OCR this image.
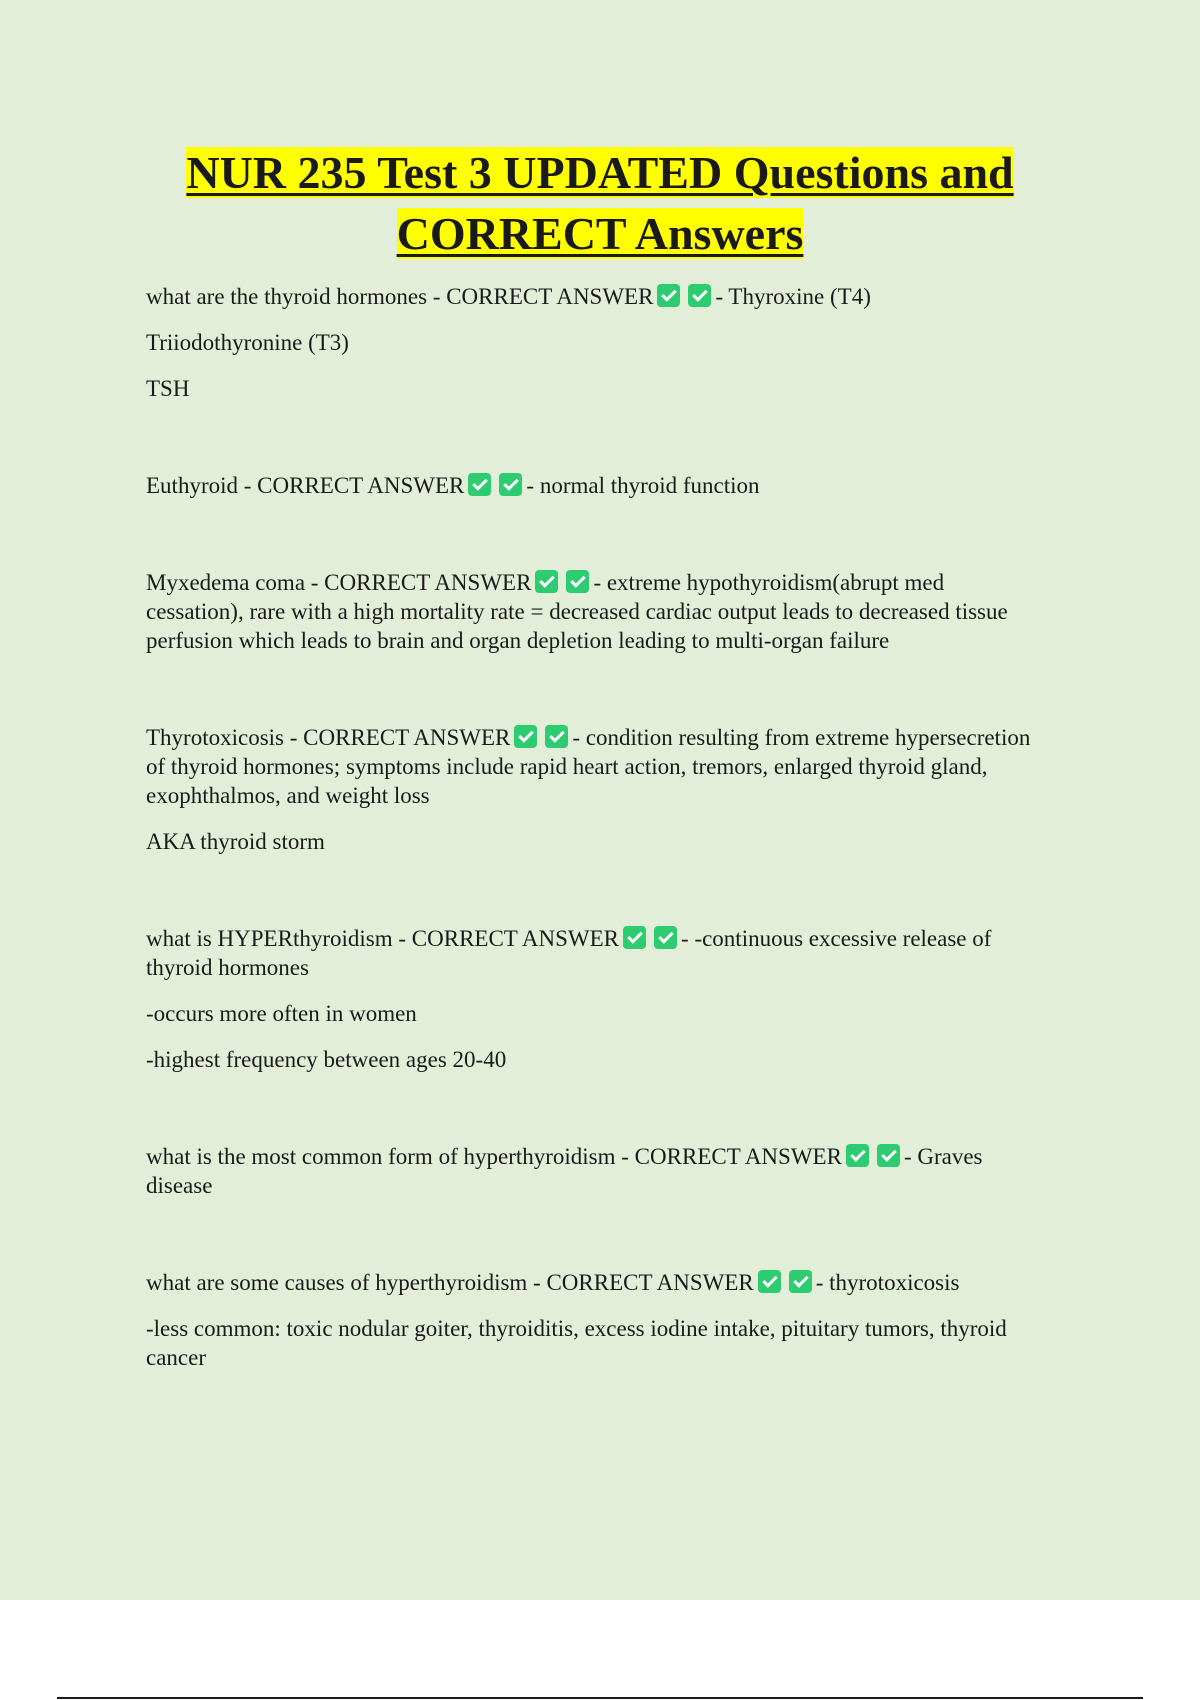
NUR 235 Test 3 UPDATED Questions and
CORRECT Answers

what are the thyroid hormones - CORRECT ANSWER	- Thyroxine (T4)

Triiodothyronine (T3)

TSH

Euthyroid - CORRECT ANSWER	- normal thyroid function

Myxedema coma - CORRECT ANSWER	- extreme hypothyroidism(abrupt med

cessation), rare with a high mortality rate = decreased cardiac output leads to decreased tissue

perfusion which leads to brain and organ depletion leading to multi-organ failure

Thyrotoxicosis - CORRECT ANSWER	- condition resulting from extreme hypersecretion

of thyroid hormones; symptoms include rapid heart action, tremors, enlarged thyroid gland,

exophthalmos, and weight loss

AKA thyroid storm

what is HYPERthyroidism - CORRECT ANSWER	- -continuous excessive release of

thyroid hormones

-occurs more often in women

-highest frequency between ages 20-40

what is the most common form of hyperthyroidism - CORRECT ANSWER	- Graves

disease

what are some causes of hyperthyroidism - CORRECT ANSWER	- thyrotoxicosis

-less common: toxic nodular goiter, thyroiditis, excess iodine intake, pituitary tumors, thyroid

cancer
